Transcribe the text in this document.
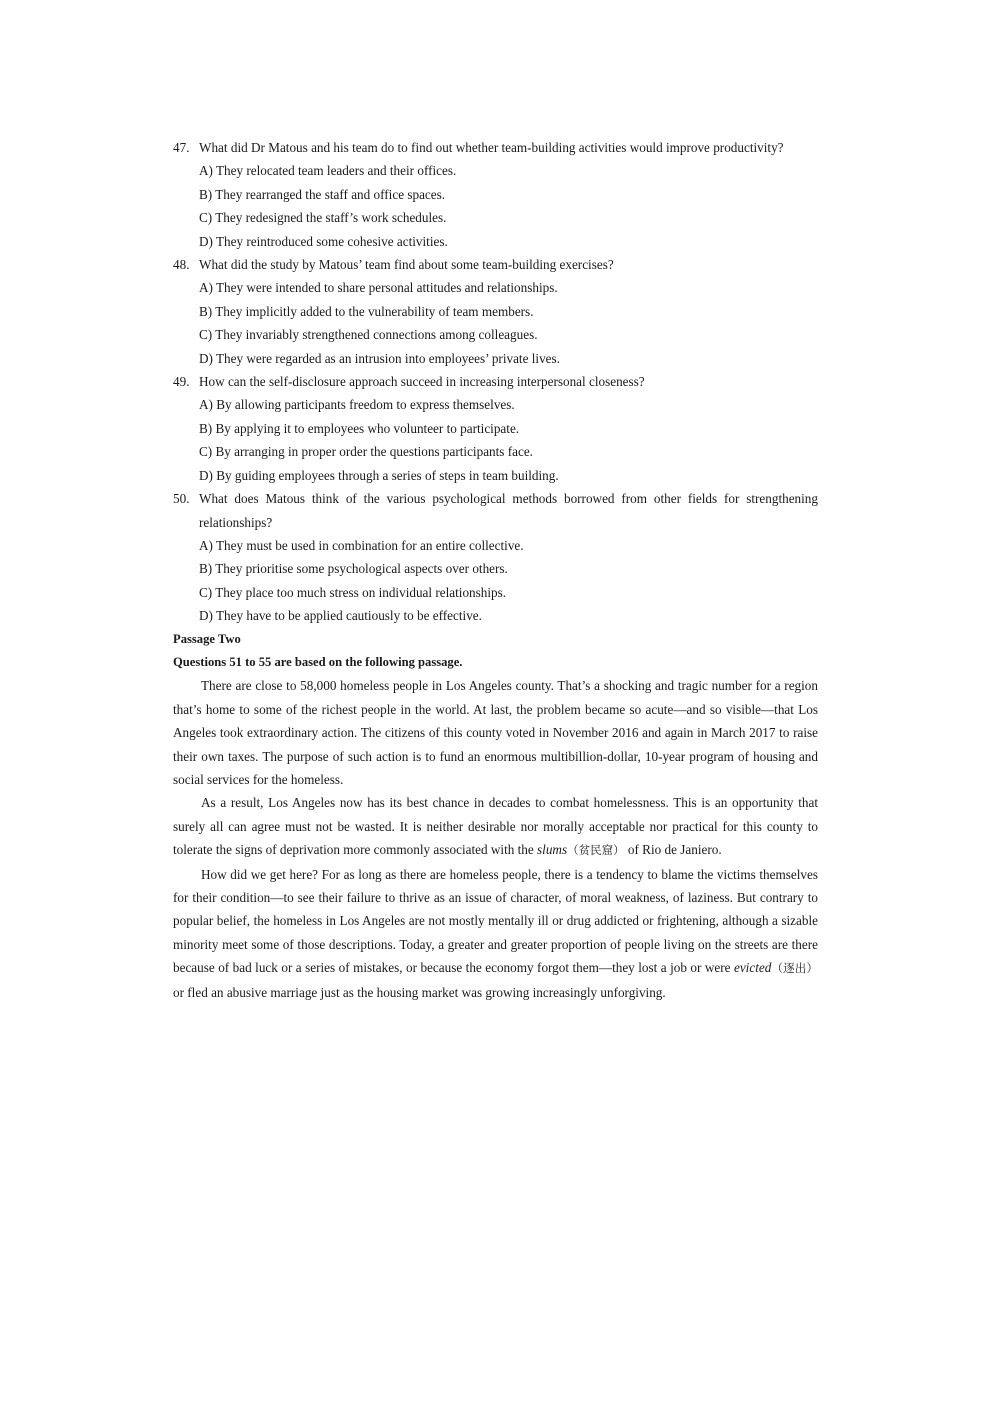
47. What did Dr Matous and his team do to find out whether team-building activities would improve productivity?
A) They relocated team leaders and their offices.
B) They rearranged the staff and office spaces.
C) They redesigned the staff’s work schedules.
D) They reintroduced some cohesive activities.
48. What did the study by Matous’ team find about some team-building exercises?
A) They were intended to share personal attitudes and relationships.
B) They implicitly added to the vulnerability of team members.
C) They invariably strengthened connections among colleagues.
D) They were regarded as an intrusion into employees’ private lives.
49. How can the self-disclosure approach succeed in increasing interpersonal closeness?
A) By allowing participants freedom to express themselves.
B) By applying it to employees who volunteer to participate.
C) By arranging in proper order the questions participants face.
D) By guiding employees through a series of steps in team building.
50. What does Matous think of the various psychological methods borrowed from other fields for strengthening relationships?
A) They must be used in combination for an entire collective.
B) They prioritise some psychological aspects over others.
C) They place too much stress on individual relationships.
D) They have to be applied cautiously to be effective.
Passage Two
Questions 51 to 55 are based on the following passage.

There are close to 58,000 homeless people in Los Angeles county. That’s a shocking and tragic number for a region that’s home to some of the richest people in the world. At last, the problem became so acute—and so visible—that Los Angeles took extraordinary action. The citizens of this county voted in November 2016 and again in March 2017 to raise their own taxes. The purpose of such action is to fund an enormous multibillion-dollar, 10-year program of housing and social services for the homeless.

As a result, Los Angeles now has its best chance in decades to combat homelessness. This is an opportunity that surely all can agree must not be wasted. It is neither desirable nor morally acceptable nor practical for this county to tolerate the signs of deprivation more commonly associated with the slums（贫民窟） of Rio de Janiero.

How did we get here? For as long as there are homeless people, there is a tendency to blame the victims themselves for their condition—to see their failure to thrive as an issue of character, of moral weakness, of laziness. But contrary to popular belief, the homeless in Los Angeles are not mostly mentally ill or drug addicted or frightening, although a sizable minority meet some of those descriptions. Today, a greater and greater proportion of people living on the streets are there because of bad luck or a series of mistakes, or because the economy forgot them—they lost a job or were evicted（逐出） or fled an abusive marriage just as the housing market was growing increasingly unforgiving.
